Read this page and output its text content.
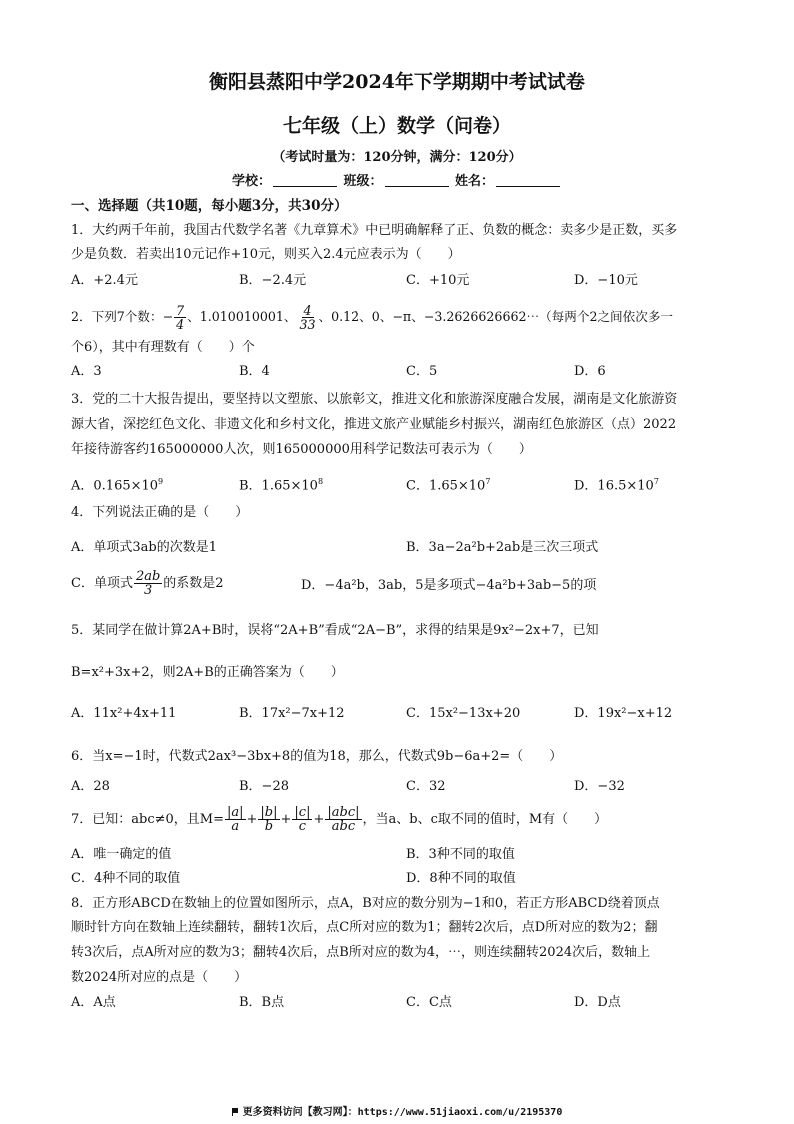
衡阳县蒸阳中学2024年下学期期中考试试卷
七年级（上）数学（问卷）
（考试时量为：120分钟，满分：120分）
学校：	班级：	姓名：
一、选择题（共10题，每小题3分，共30分）
1．大约两千年前，我国古代数学名著《九章算术》中已明确解释了正、负数的概念：卖多少是正数，买多
少是负数．若卖出10元记作+10元，则买入2.4元应表示为（　　）
A．+2.4元	B．−2.4元	C．+10元	D．−10元
2．下列7个数：− $\frac{7}{4}$ 、1.010010001、 $\frac{4}{33}$ 、0.12̇、0、−π、−3.2626626662⋯（每两个2之间依次多一
个6），其中有理数有（　　）个
A．3	B．4	C．5	D．6
3．党的二十大报告提出，要坚持以文塑旅、以旅彰文，推进文化和旅游深度融合发展，湖南是文化旅游资
源大省，深挖红色文化、非遗文化和乡村文化，推进文旅产业赋能乡村振兴，湖南红色旅游区（点）2022
年接待游客约165000000人次，则165000000用科学记数法可表示为（　　）
A．$0.165\times 10^9$	B．$1.65\times 10^8$	C．$1.65\times 10^7$	D．$16.5\times 10^7$
4．下列说法正确的是（　　）
A．单项式3ab的次数是1	B．3a−2a²b+2ab是三次三项式
C．单项式 $\frac{2ab}{3}$ 的系数是2	D．−4a²b，3ab，5是多项式−4a²b+3ab−5的项
5．某同学在做计算2A+B时，误将“2A+B”看成“2A−B”，求得的结果是9x²−2x+7，已知
B=x²+3x+2，则2A+B的正确答案为（　　）
A．11x²+4x+11	B．17x²−7x+12	C．15x²−13x+20	D．19x²−x+12
6．当x=−1时，代数式2ax³−3bx+8的值为18，那么，代数式9b−6a+2=（　　）
A．28	B．−28	C．32	D．−32
7．已知：abc≠0，且$M= \frac{|a|}{a} + \frac{|b|}{b} + \frac{|c|}{c} + \frac{\text{|abc|}}{\text{abc}}$ ，当a、b、c取不同的值时，M有（　　）
A．唯一确定的值	B．3种不同的取值
C．4种不同的取值	D．8种不同的取值
8．正方形ABCD在数轴上的位置如图所示，点A，B对应的数分别为−1和0，若正方形ABCD绕着顶点
顺时针方向在数轴上连续翻转，翻转1次后，点C所对应的数为1；翻转2次后，点D所对应的数为2；翻
转3次后，点A所对应的数为3；翻转4次后，点B所对应的数为4，⋯，则连续翻转2024次后，数轴上
数2024所对应的点是（　　）
A．A点	B．B点	C．C点	D．D点
更多资料访问【教习网】：https://www.51jiaoxi.com/u/2195370
